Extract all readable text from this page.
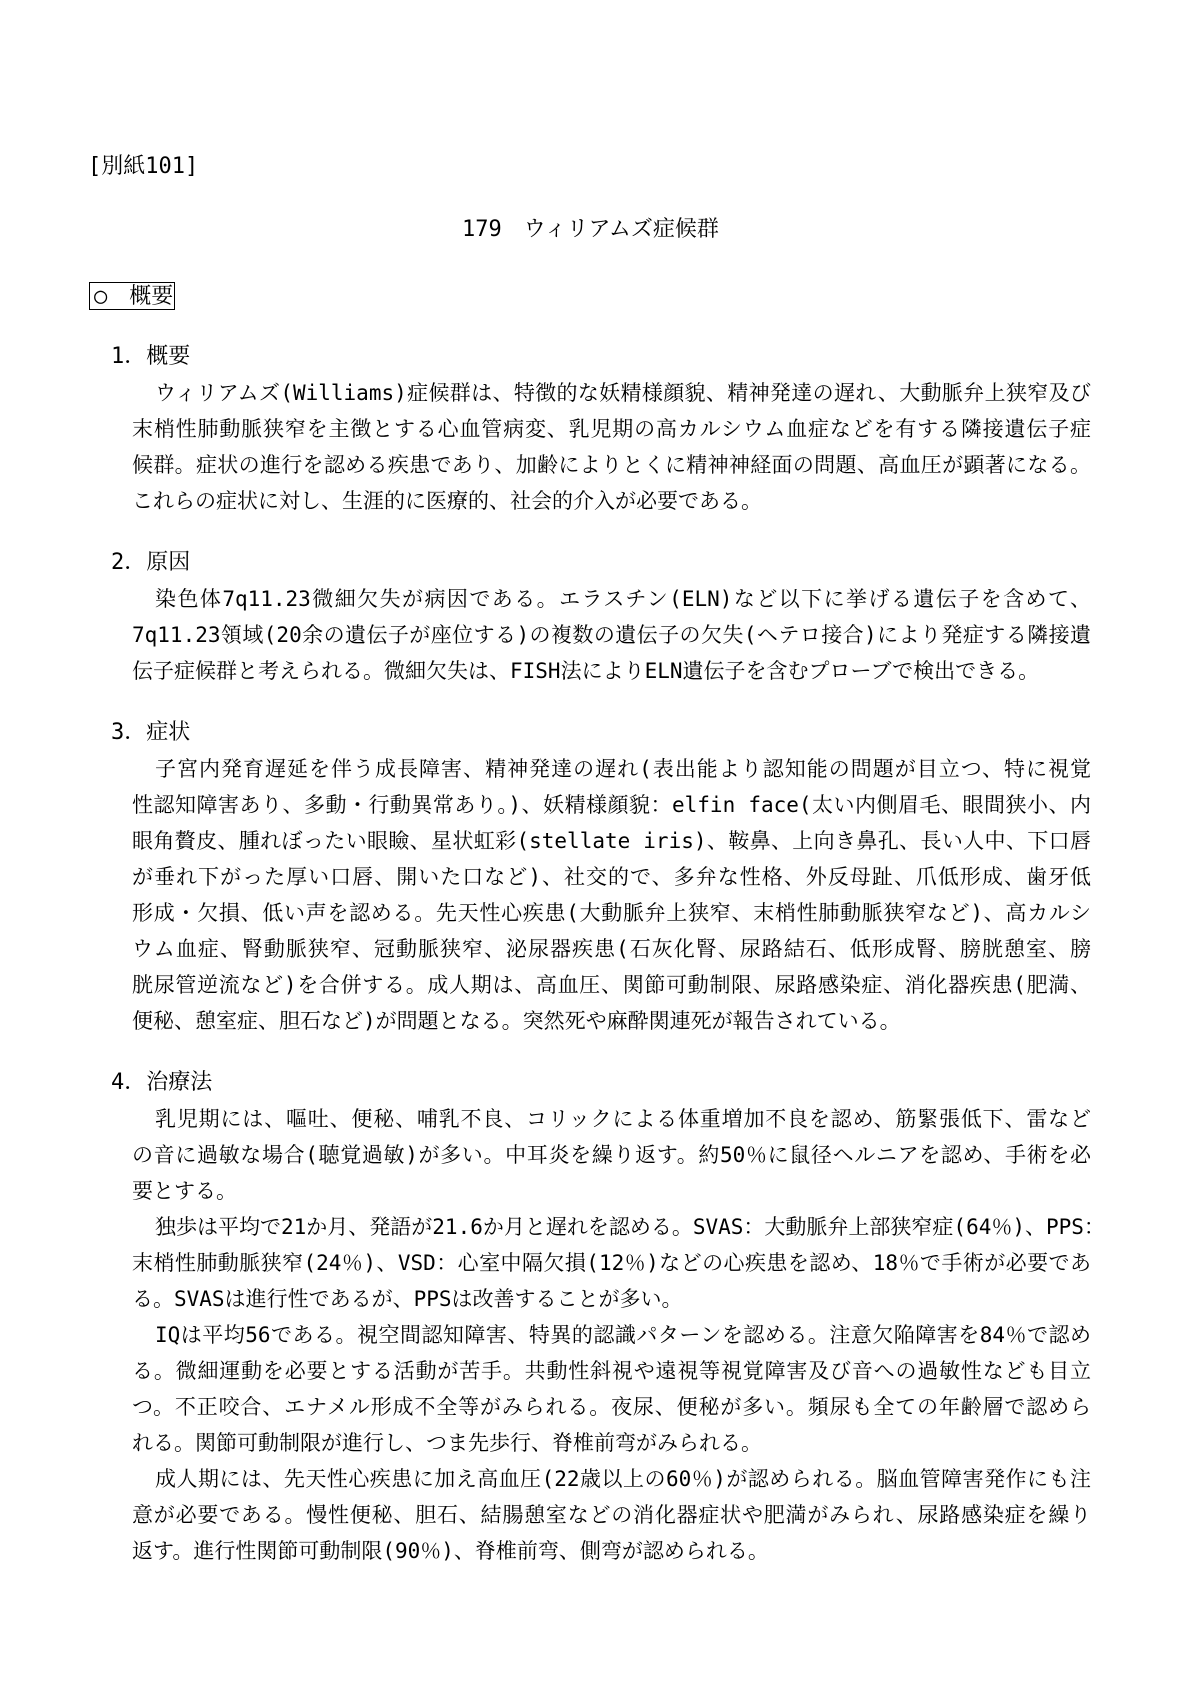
[別紙101]
179　ウィリアムズ症候群
○　概要
1．概要
ウィリアムズ(Williams)症候群は、特徴的な妖精様顔貌、精神発達の遅れ、大動脈弁上狭窄及び
末梢性肺動脈狭窄を主徴とする心血管病変、乳児期の高カルシウム血症などを有する隣接遺伝子症
候群。症状の進行を認める疾患であり、加齢によりとくに精神神経面の問題、高血圧が顕著になる。
これらの症状に対し、生涯的に医療的、社会的介入が必要である。
2．原因
染色体7q11.23微細欠失が病因である。エラスチン(ELN)など以下に挙げる遺伝子を含めて、
7q11.23領域(20余の遺伝子が座位する)の複数の遺伝子の欠失(ヘテロ接合)により発症する隣接遺
伝子症候群と考えられる。微細欠失は、FISH法によりELN遺伝子を含むプローブで検出できる。
3．症状
子宮内発育遅延を伴う成長障害、精神発達の遅れ(表出能より認知能の問題が目立つ、特に視覚
性認知障害あり、多動・行動異常あり。)、妖精様顔貌：elfin face(太い内側眉毛、眼間狭小、内
眼角贅皮、腫れぼったい眼瞼、星状虹彩(stellate iris)、鞍鼻、上向き鼻孔、長い人中、下口唇
が垂れ下がった厚い口唇、開いた口など)、社交的で、多弁な性格、外反母趾、爪低形成、歯牙低
形成・欠損、低い声を認める。先天性心疾患(大動脈弁上狭窄、末梢性肺動脈狭窄など)、高カルシ
ウム血症、腎動脈狭窄、冠動脈狭窄、泌尿器疾患(石灰化腎、尿路結石、低形成腎、膀胱憩室、膀
胱尿管逆流など)を合併する。成人期は、高血圧、関節可動制限、尿路感染症、消化器疾患(肥満、
便秘、憩室症、胆石など)が問題となる。突然死や麻酔関連死が報告されている。
4．治療法
乳児期には、嘔吐、便秘、哺乳不良、コリックによる体重増加不良を認め、筋緊張低下、雷など
の音に過敏な場合(聴覚過敏)が多い。中耳炎を繰り返す。約50％に鼠径ヘルニアを認め、手術を必
要とする。
独歩は平均で21か月、発語が21.6か月と遅れを認める。SVAS：大動脈弁上部狭窄症(64％)、PPS：
末梢性肺動脈狭窄(24％)、VSD：心室中隔欠損(12％)などの心疾患を認め、18％で手術が必要であ
る。SVASは進行性であるが、PPSは改善することが多い。
IQは平均56である。視空間認知障害、特異的認識パターンを認める。注意欠陥障害を84％で認め
る。微細運動を必要とする活動が苦手。共動性斜視や遠視等視覚障害及び音への過敏性なども目立
つ。不正咬合、エナメル形成不全等がみられる。夜尿、便秘が多い。頻尿も全ての年齢層で認めら
れる。関節可動制限が進行し、つま先歩行、脊椎前弯がみられる。
成人期には、先天性心疾患に加え高血圧(22歳以上の60％)が認められる。脳血管障害発作にも注
意が必要である。慢性便秘、胆石、結腸憩室などの消化器症状や肥満がみられ、尿路感染症を繰り
返す。進行性関節可動制限(90％)、脊椎前弯、側弯が認められる。
